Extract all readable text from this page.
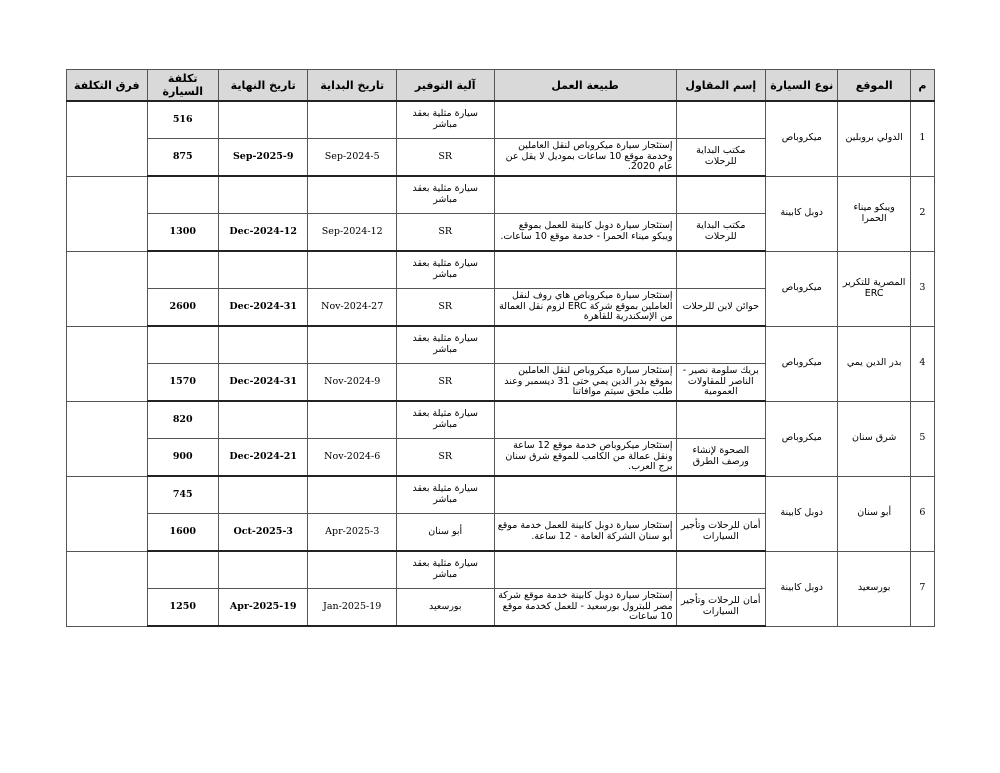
م	الموقع	نوع السيارة	إسم المقاول	طبيعة العمل	آلية التوفير	تاريخ البداية	تاريخ النهاية	تكلفة السيارة	فرق التكلفة
1	الدولي بروبلين	ميكروباص			سيارة مثلية بعقد مباشر			516	
			مكتب البداية للرحلات	إستئجار سيارة ميكروباص لنقل العاملين وخدمة موقع 10 ساعات بموديل لا يقل عن عام 2020.	SR	5-Sep-2024	9-Sep-2025	875	
2	ويبكو ميناء الحمرا	دوبل كابينة			سيارة مثلية بعقد مباشر				
			مكتب البداية للرحلات	إستئجار سيارة دوبل كابينة للعمل بموقع ويبكو ميناء الحمرا - خدمة موقع 10 ساعات.	SR	12-Sep-2024	12-Dec-2024	1300	
3	المصرية للتكرير ERC	ميكروباص			سيارة مثلية بعقد مباشر				
			حوائن لاين للرحلات	إستئجار سيارة ميكروباص هاي روف لنقل العاملين بموقع شركة ERC لزوم نقل العمالة من الإسكندرية للقاهرة	SR	27-Nov-2024	31-Dec-2024	2600	
4	بدر الدين يمي	ميكروباص			سيارة مثلية بعقد مباشر				
			بريك سلومة نصير - الناصر للمقاولات العمومية	إستئجار سيارة ميكروباص لنقل العاملين بموقع بدر الدين يمي حتى 31 ديسمبر وعند طلب ملحق سيتم موافاتنا	SR	9-Nov-2024	31-Dec-2024	1570	
5	شرق سنان	ميكروباص			سيارة مثيلة بعقد مباشر			820	
			الصحوة لإنشاء ورصف الطرق	إستئجار ميكروباص خدمة موقع 12 ساعة ونقل عمالة من الكامب للموقع شرق سنان برج العرب.	SR	6-Nov-2024	21-Dec-2024	900	
6	أبو سنان	دوبل كابينة			سيارة مثيلة بعقد مباشر			745	
			أمان للرحلات وتأجير السيارات	إستئجار سيارة دوبل كابينة للعمل خدمة موقع أبو سنان الشركة العامة - 12 ساعة.	أبو سنان	3-Apr-2025	3-Oct-2025	1600	
7	بورسعيد	دوبل كابينة			سيارة مثلية بعقد مباشر				
			أمان للرحلات وتأجير السيارات	إستئجار سيارة دوبل كابينة خدمة موقع شركة مصر للبترول بورسعيد - للعمل كخدمة موقع 10 ساعات	بورسعيد	19-Jan-2025	19-Apr-2025	1250	
